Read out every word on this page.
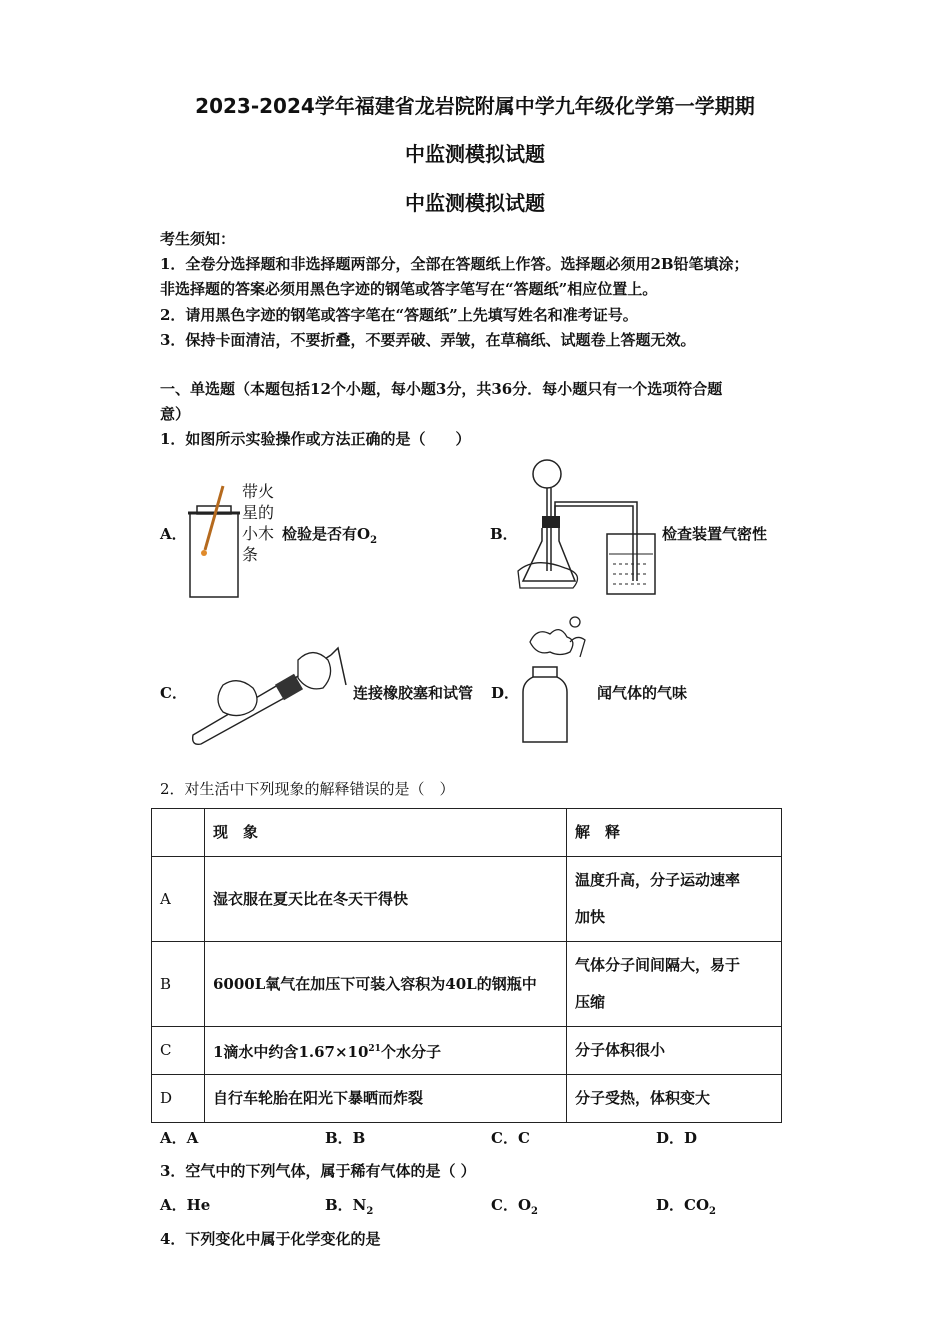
2023-2024学年福建省龙岩院附属中学九年级化学第一学期期
中监测模拟试题
中监测模拟试题
考生须知：
1．全卷分选择题和非选择题两部分，全部在答题纸上作答。选择题必须用2B铅笔填涂；
非选择题的答案必须用黑色字迹的钢笔或答字笔写在“答题纸”相应位置上。
2．请用黑色字迹的钢笔或答字笔在“答题纸”上先填写姓名和准考证号。
3．保持卡面清洁，不要折叠，不要弄破、弄皱，在草稿纸、试题卷上答题无效。
一、单选题（本题包括12个小题，每小题3分，共36分．每小题只有一个选项符合题
意）
1．如图所示实验操作或方法正确的是（　　）
A．
带火
星的
小木
条
检验是否有$O_2$	B．	检查装置气密性
C．	连接橡胶塞和试管 D．	闻气体的气味
2．对生活中下列现象的解释错误的是（　）
	现　象	解　释
A	湿衣服在夏天比在冬天干得快	温度升高，分子运动速率
加快

B	6000L氧气在加压下可装入容积为40L的钢瓶中	气体分子间间隔大，易于
压缩

C	1滴水中约含$1.67\times 10^{21}$个水分子	分子体积很小
D	自行车轮胎在阳光下暴晒而炸裂	分子受热，体积变大
A．A	B．B	C．C	D．D
3．空气中的下列气体，属于稀有气体的是（ ）
A．He	B．$N_2$	C．$O_2$	D．$CO_2$
4．下列变化中属于化学变化的是
